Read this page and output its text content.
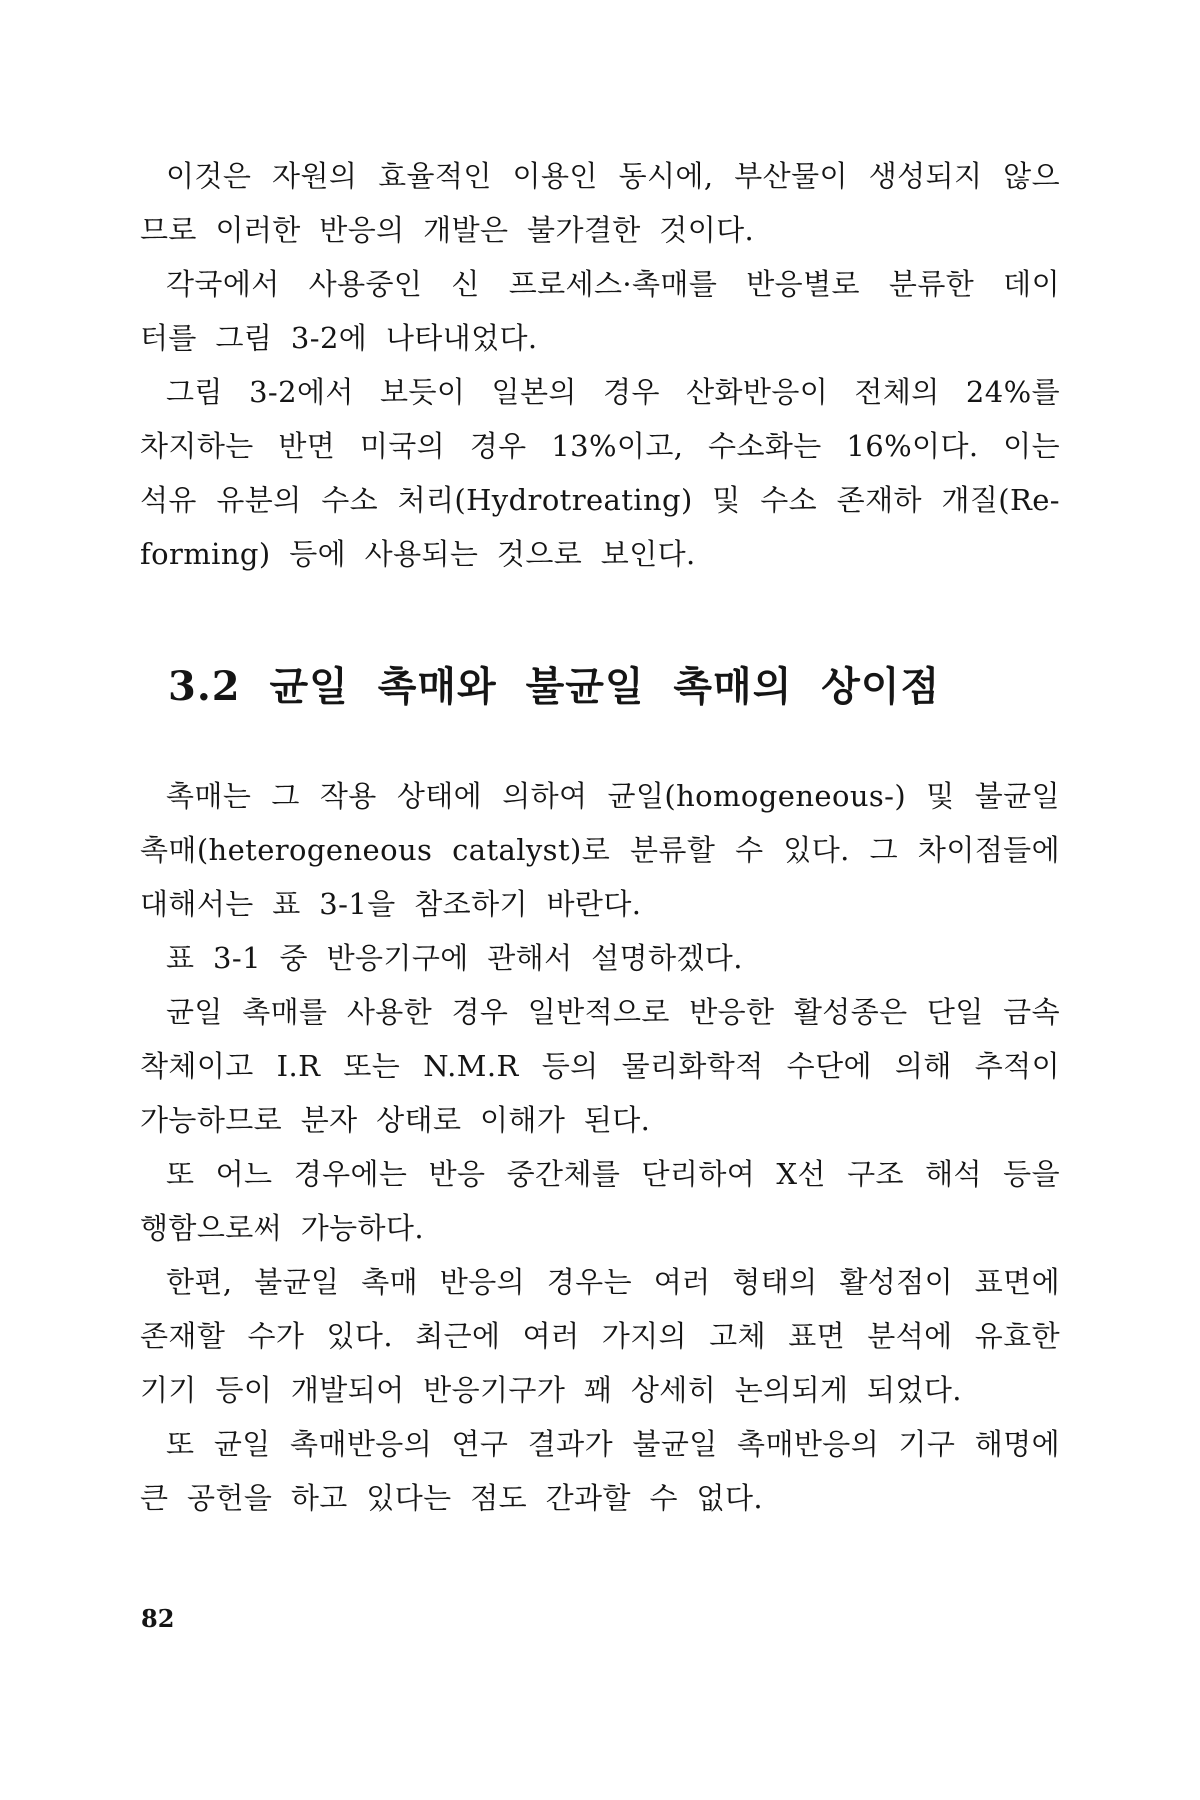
이것은 자원의 효율적인 이용인 동시에, 부산물이 생성되지 않으
므로 이러한 반응의 개발은 불가결한 것이다.
각국에서 사용중인 신 프로세스·촉매를 반응별로 분류한 데이
터를 그림 3-2에 나타내었다.
그림 3-2에서 보듯이 일본의 경우 산화반응이 전체의 24%를
차지하는 반면 미국의 경우 13%이고, 수소화는 16%이다. 이는
석유 유분의 수소 처리(Hydrotreating) 및 수소 존재하 개질(Re-
forming) 등에 사용되는 것으로 보인다.
3.2 균일 촉매와 불균일 촉매의 상이점
촉매는 그 작용 상태에 의하여 균일(homogeneous-) 및 불균일
촉매(heterogeneous catalyst)로 분류할 수 있다. 그 차이점들에
대해서는 표 3-1을 참조하기 바란다.
표 3-1 중 반응기구에 관해서 설명하겠다.
균일 촉매를 사용한 경우 일반적으로 반응한 활성종은 단일 금속
착체이고 I.R 또는 N.M.R 등의 물리화학적 수단에 의해 추적이
가능하므로 분자 상태로 이해가 된다.
또 어느 경우에는 반응 중간체를 단리하여 X선 구조 해석 등을
행함으로써 가능하다.
한편, 불균일 촉매 반응의 경우는 여러 형태의 활성점이 표면에
존재할 수가 있다. 최근에 여러 가지의 고체 표면 분석에 유효한
기기 등이 개발되어 반응기구가 꽤 상세히 논의되게 되었다.
또 균일 촉매반응의 연구 결과가 불균일 촉매반응의 기구 해명에
큰 공헌을 하고 있다는 점도 간과할 수 없다.
82
